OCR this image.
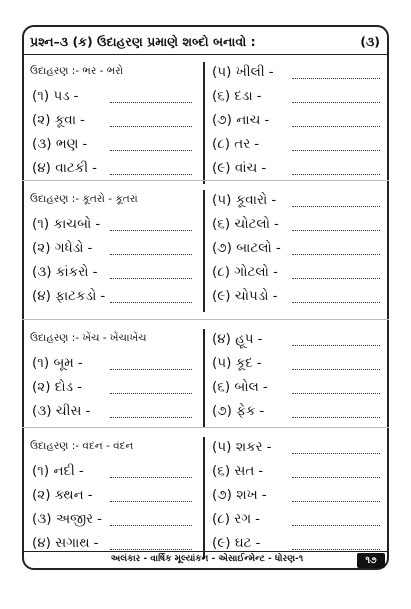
પ્રશ્ન–૩ (ક) ઉદાહરણ પ્રમાણે શબ્દો બનાવો :	(૩)
ઉદાહરણ :- ભર - ભરો
(૧) પડ -
(૨) કૂવા -
(૩) ભણ -
(૪) વાટકી -
(૫) ખીલી -
(૬) દડા -
(૭) નાચ -
(૮) તર -
(૯) વાંચ -
ઉદાહરણ :- કૂતરો - કૂતરાં
(૧) કાચબો -
(૨) ગધેડો -
(૩) કાંકરો -
(૪) ફાટકડો -
(૫) કૂવારો -
(૬) ચોટલો -
(૭) બાટલો -
(૮) ગોટલો -
(૯) ચોપડો -
ઉદાહરણ :- ખેંચ - ખેંચાખેંચ
(૧) બૂમ -
(૨) દોડ -
(૩) ચીસ -
(૪) હૂપ -
(૫) કૂદ -
(૬) બોલ -
(૭) ફેક -
ઉદાહરણ :- વદન - વંદન
(૧) નદી -
(૨) ક્થન -
(૩) અજીર -
(૪) સગાથ -
(૫) શકર -
(૬) સત -
(૭) શખ -
(૮) રગ -
(૯) ઘટ -
અલંકાર - વાર્ષિક મૂલ્યાંકન - એસાઈન્મેન્ટ - ધોરણ-૧	૧૭
